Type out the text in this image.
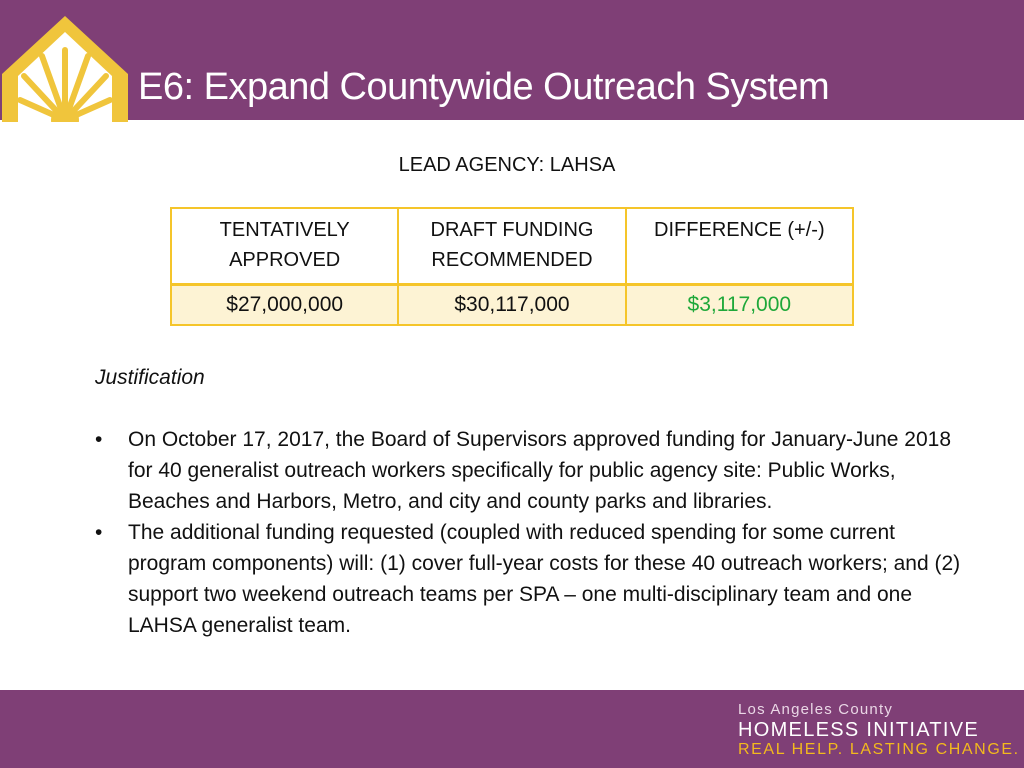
E6: Expand Countywide Outreach System
LEAD AGENCY: LAHSA
TENTATIVELY APPROVED	DRAFT FUNDING RECOMMENDED	DIFFERENCE (+/-)
$27,000,000	$30,117,000	$3,117,000
Justification
• On October 17, 2017, the Board of Supervisors approved funding for January-June 2018 for 40 generalist outreach workers specifically for public agency site: Public Works, Beaches and Harbors, Metro, and city and county parks and libraries.
• The additional funding requested (coupled with reduced spending for some current program components) will: (1) cover full-year costs for these 40 outreach workers; and (2) support two weekend outreach teams per SPA – one multi-disciplinary team and one LAHSA generalist team.
Los Angeles County
HOMELESS INITIATIVE
REAL HELP. LASTING CHANGE.
